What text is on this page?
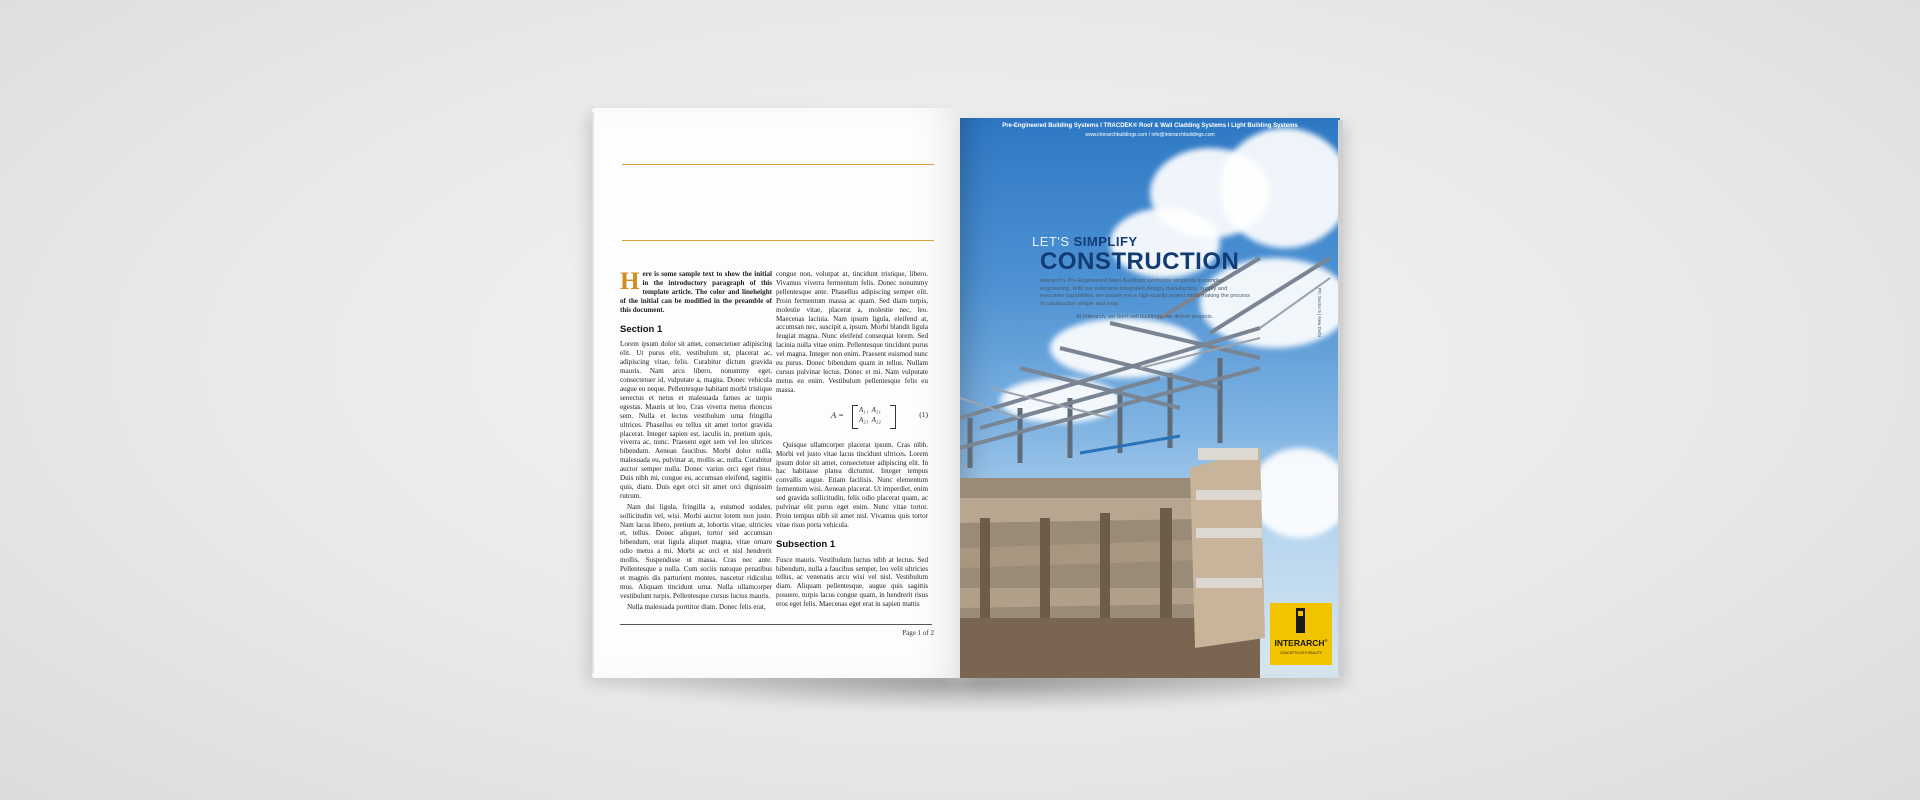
Here is some sample text to show the initial in the introductory paragraph of this template article. The color and lineheight of the initial can be modified in the preamble of this document.

Section 1

Lorem ipsum dolor sit amet, consectetuer adipiscing elit. Ut purus elit, vestibulum ut, placerat ac, adipiscing vitae, felis. Curabitur dictum gravida mauris. Nam arcu libero, nonummy eget, consectetuer id, vulputate a, magna. Donec vehicula augue eu neque. Pellentesque habitant morbi tristique senectus et netus et malesuada fames ac turpis egestas. Mauris ut leo. Cras viverra metus rhoncus sem. Nulla et lectus vestibulum urna fringilla ultrices. Phasellus eu tellus sit amet tortor gravida placerat. Integer sapien est, iaculis in, pretium quis, viverra ac, nunc. Praesent eget sem vel leo ultrices bibendum. Aenean faucibus. Morbi dolor nulla, malesuada eu, pulvinar at, mollis ac, nulla. Curabitur auctor semper nulla. Donec varius orci eget risus. Duis nibh mi, congue eu, accumsan eleifend, sagittis quis, diam. Duis eget orci sit amet orci dignissim rutrum.

Nam dui ligula, fringilla a, euismod sodales, sollicitudin vel, wisi. Morbi auctor lorem non justo. Nam lacus libero, pretium at, lobortis vitae, ultricies et, tellus. Donec aliquet, tortor sed accumsan bibendum, erat ligula aliquet magna, vitae ornare odio metus a mi. Morbi ac orci et nisl hendrerit mollis. Suspendisse ut massa. Cras nec ante. Pellentesque a nulla. Cum sociis natoque penatibus et magnis dis parturient montes, nascetur ridiculus mus. Aliquam tincidunt urna. Nulla ullamcorper vestibulum turpis. Pellentesque cursus luctus mauris.

Nulla malesuada porttitor diam. Donec felis erat,

congue non, volutpat at, tincidunt tristique, libero. Vivamus viverra fermentum felis. Donec nonummy pellentesque ante. Phasellus adipiscing semper elit. Proin fermentum massa ac quam. Sed diam turpis, molestie vitae, placerat a, molestie nec, leo. Maecenas lacinia. Nam ipsum ligula, eleifend at, accumsan nec, suscipit a, ipsum. Morbi blandit ligula feugiat magna. Nunc eleifend consequat lorem. Sed lacinia nulla vitae enim. Pellentesque tincidunt purus vel magna. Integer non enim. Praesent euismod nunc eu purus. Donec bibendum quam in tellus. Nullam cursus pulvinar lectus. Donec et mi. Nam vulputate metus eu enim. Vestibulum pellentesque felis eu massa.

A = A₁₁ A₂₁
A₂₁ A₂₂
(1)

Quisque ullamcorper placerat ipsum. Cras nibh. Morbi vel justo vitae lacus tincidunt ultrices. Lorem ipsum dolor sit amet, consectetuer adipiscing elit. In hac habitasse platea dictumst. Integer tempus convallis augue. Etiam facilisis. Nunc elementum fermentum wisi. Aenean placerat. Ut imperdiet, enim sed gravida sollicitudin, felis odio placerat quam, ac pulvinar elit purus eget enim. Nunc vitae tortor. Proin tempus nibh sit amet nisl. Vivamus quis tortor vitae risus porta vehicula.

Subsection 1

Fusce mauris. Vestibulum luctus nibh at lectus. Sed bibendum, nulla a faucibus semper, leo velit ultricies tellus, ac venenatis arcu wisi vel nisl. Vestibulum diam. Aliquam pellentesque, augue quis sagittis posuere, turpis lacus congue quam, in hendrerit risus eros eget felis. Maecenas eget erat in sapien mattis

Page 1 of 2
Pre-Engineered Building Systems I TRACDEK® Roof & Wall Cladding Systems I Light Building Systems
www.interarchbuildings.com / info@interarchbuildings.com
LET'S SIMPLIFY
CONSTRUCTION
Interarch's Pre-Engineered Steel Buildings symbolize simplicity in complex engineering. With our extensive integrated design, manufacture, supply and execution capabilities, we assure you a high-quality project while making the process of construction simple and easy.
At Interarch, we don't sell buildings, we deliver projects.	Ph: Sector 5 | New Delhi
INTERARCH®
CONCEPTS INTO REALITY
